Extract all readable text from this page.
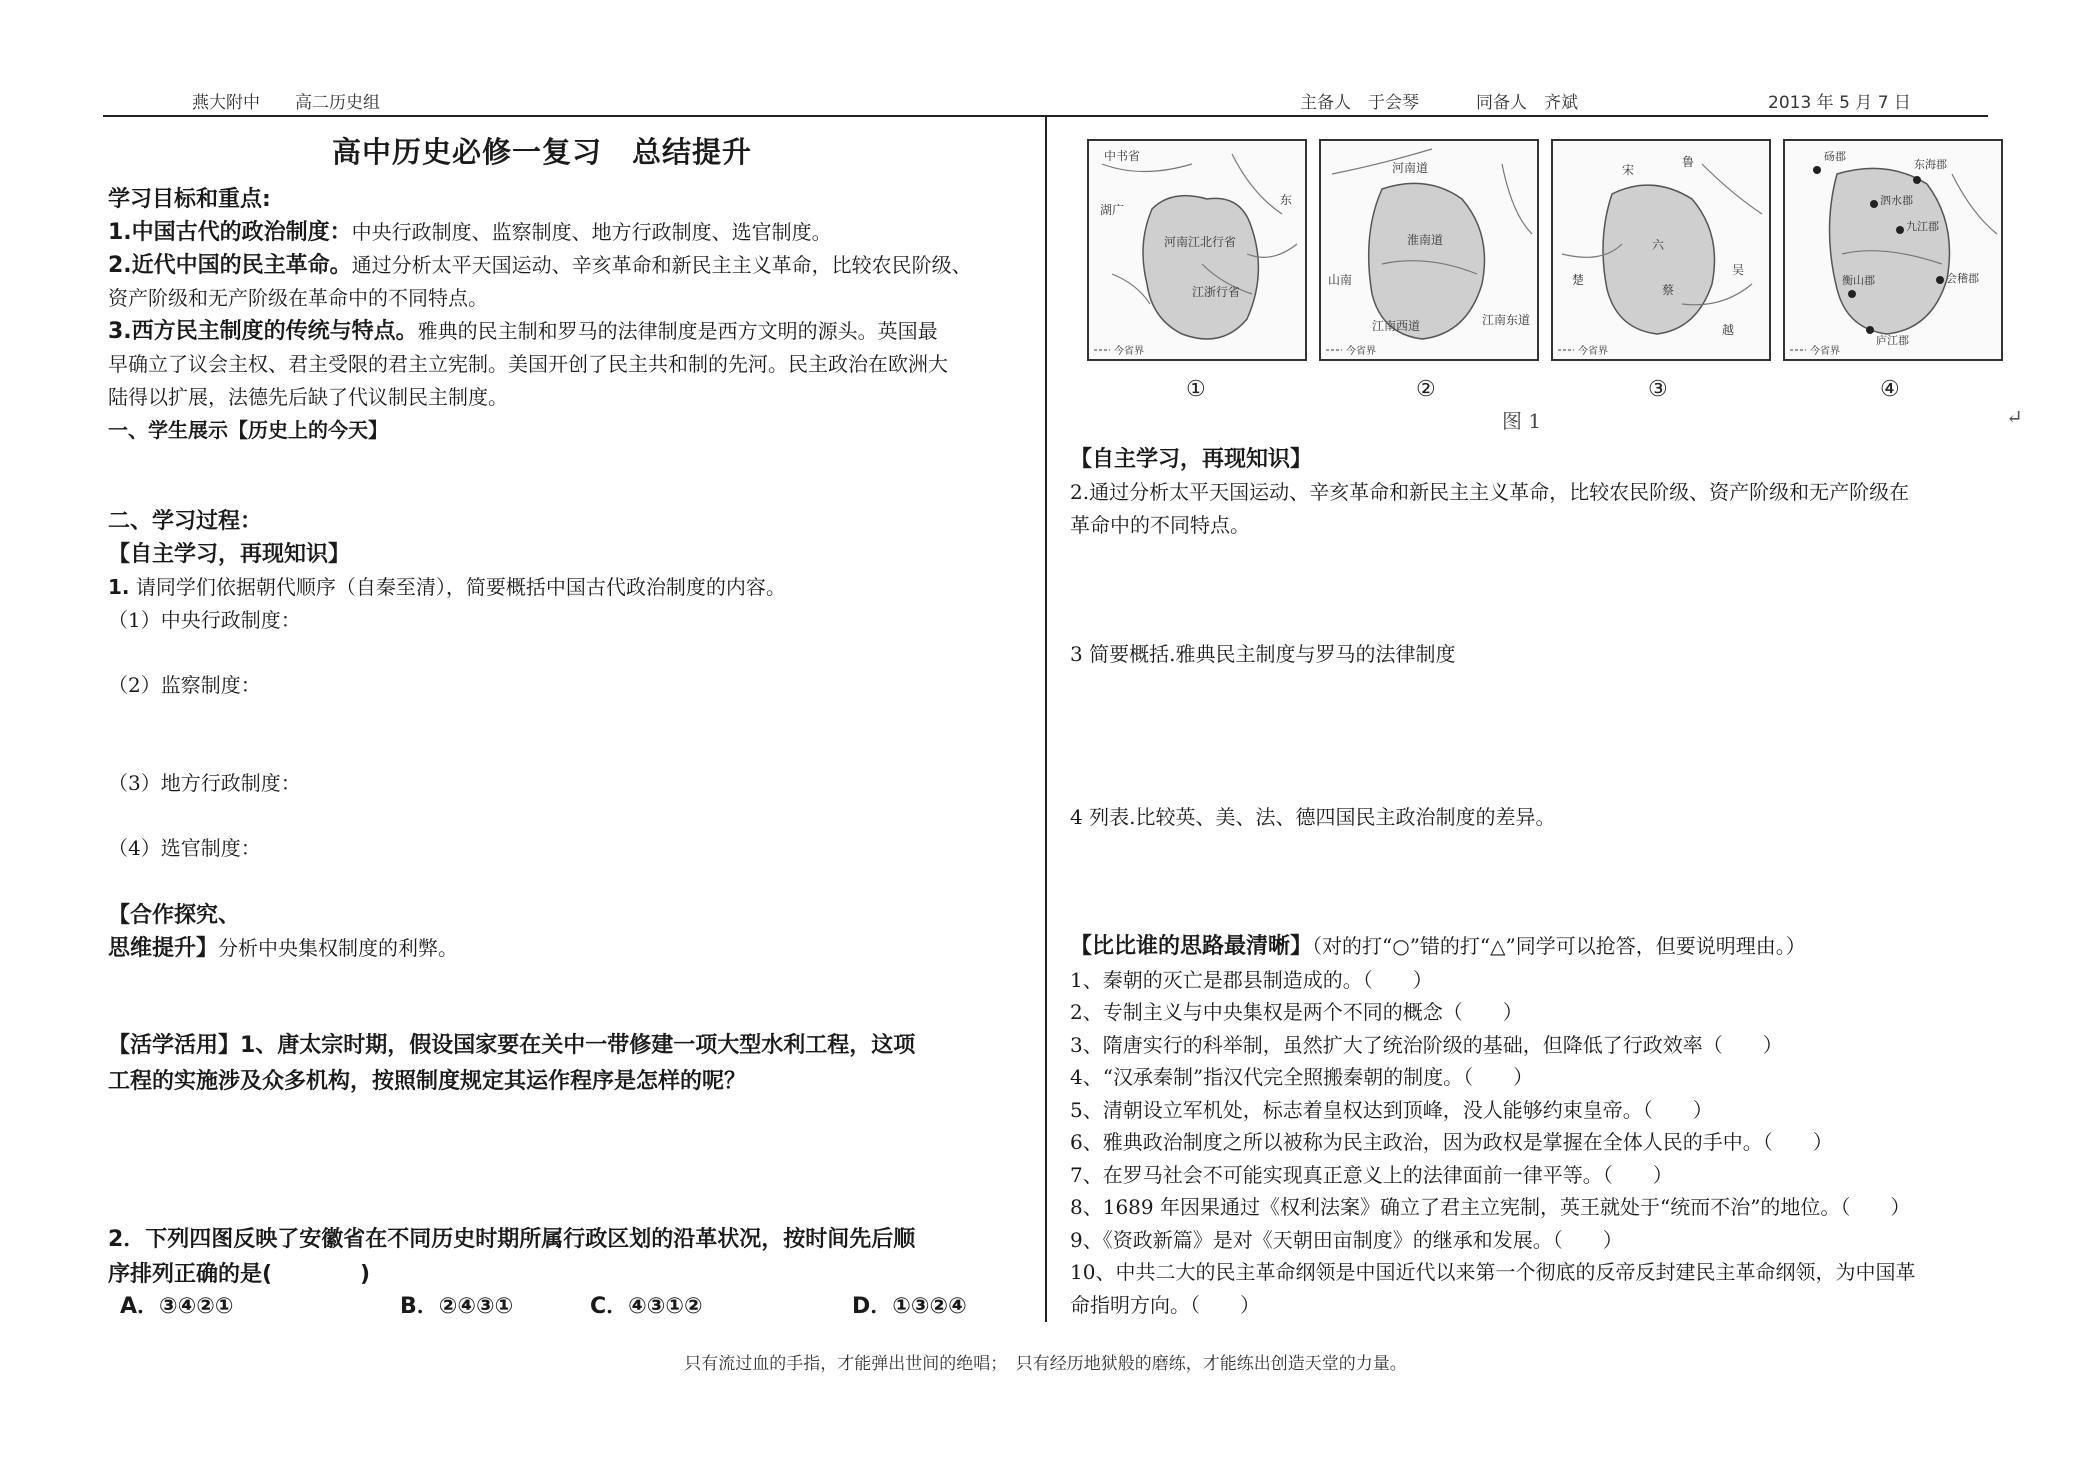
燕大附中 高二历史组	主备人　于会琴	同备人　齐斌	2013 年 5 月 7 日
高中历史必修一复习　总结提升

学习目标和重点:

1.中国古代的政治制度：中央行政制度、监察制度、地方行政制度、选官制度。

2.近代中国的民主革命。通过分析太平天国运动、辛亥革命和新民主主义革命，比较农民阶级、

资产阶级和无产阶级在革命中的不同特点。

3.西方民主制度的传统与特点。雅典的民主制和罗马的法律制度是西方文明的源头。英国最

早确立了议会主权、君主受限的君主立宪制。美国开创了民主共和制的先河。民主政治在欧洲大

陆得以扩展，法德先后缺了代议制民主制度。

一、学生展示【历史上的今天】

二、学习过程：

【自主学习，再现知识】

1. 请同学们依据朝代顺序（自秦至清），简要概括中国古代政治制度的内容。

（1）中央行政制度：

（2）监察制度：
（3）地方行政制度：
（4）选官制度：

【合作探究、

思维提升】分析中央集权制度的利弊。

【活学活用】1、唐太宗时期，假设国家要在关中一带修建一项大型水利工程，这项

工程的实施涉及众多机构，按照制度规定其运作程序是怎样的呢？

2．下列四图反映了安徽省在不同历史时期所属行政区划的沿革状况，按时间先后顺

序排列正确的是(　　　　)

A．③④②①	B．②④③①	C．④③①②	D．①③②④
中书省
河南江北行省
江浙行省
湖广
东
今省界
①
河南道
淮南道
江南西道	江南东道
山南
今省界
②
宋
鲁
楚
吴
越
六
蔡
今省界
③
砀郡
东海郡
泗水郡
九江郡
会稽郡
衡山郡
庐江郡
今省界
④
图 1	↵

【自主学习，再现知识】

2.通过分析太平天国运动、辛亥革命和新民主主义革命，比较农民阶级、资产阶级和无产阶级在

革命中的不同特点。

3 简要概括.雅典民主制度与罗马的法律制度
4 列表.比较英、美、法、德四国民主政治制度的差异。

【比比谁的思路最清晰】（对的打“○”错的打“△”同学可以抢答，但要说明理由。）

1、秦朝的灭亡是郡县制造成的。（　　）

2、专制主义与中央集权是两个不同的概念（　　）

3、隋唐实行的科举制，虽然扩大了统治阶级的基础，但降低了行政效率（　　）

4、“汉承秦制”指汉代完全照搬秦朝的制度。（　　）

5、清朝设立军机处，标志着皇权达到顶峰，没人能够约束皇帝。（　　）

6、雅典政治制度之所以被称为民主政治，因为政权是掌握在全体人民的手中。（　　）

7、在罗马社会不可能实现真正意义上的法律面前一律平等。（　　）

8、1689 年因果通过《权利法案》确立了君主立宪制，英王就处于“统而不治”的地位。（　　）

9、《资政新篇》是对《天朝田亩制度》的继承和发展。（　　）

10、中共二大的民主革命纲领是中国近代以来第一个彻底的反帝反封建民主革命纲领，为中国革

命指明方向。（　　）

只有流过血的手指，才能弹出世间的绝唱；　只有经历地狱般的磨练，才能练出创造天堂的力量。
